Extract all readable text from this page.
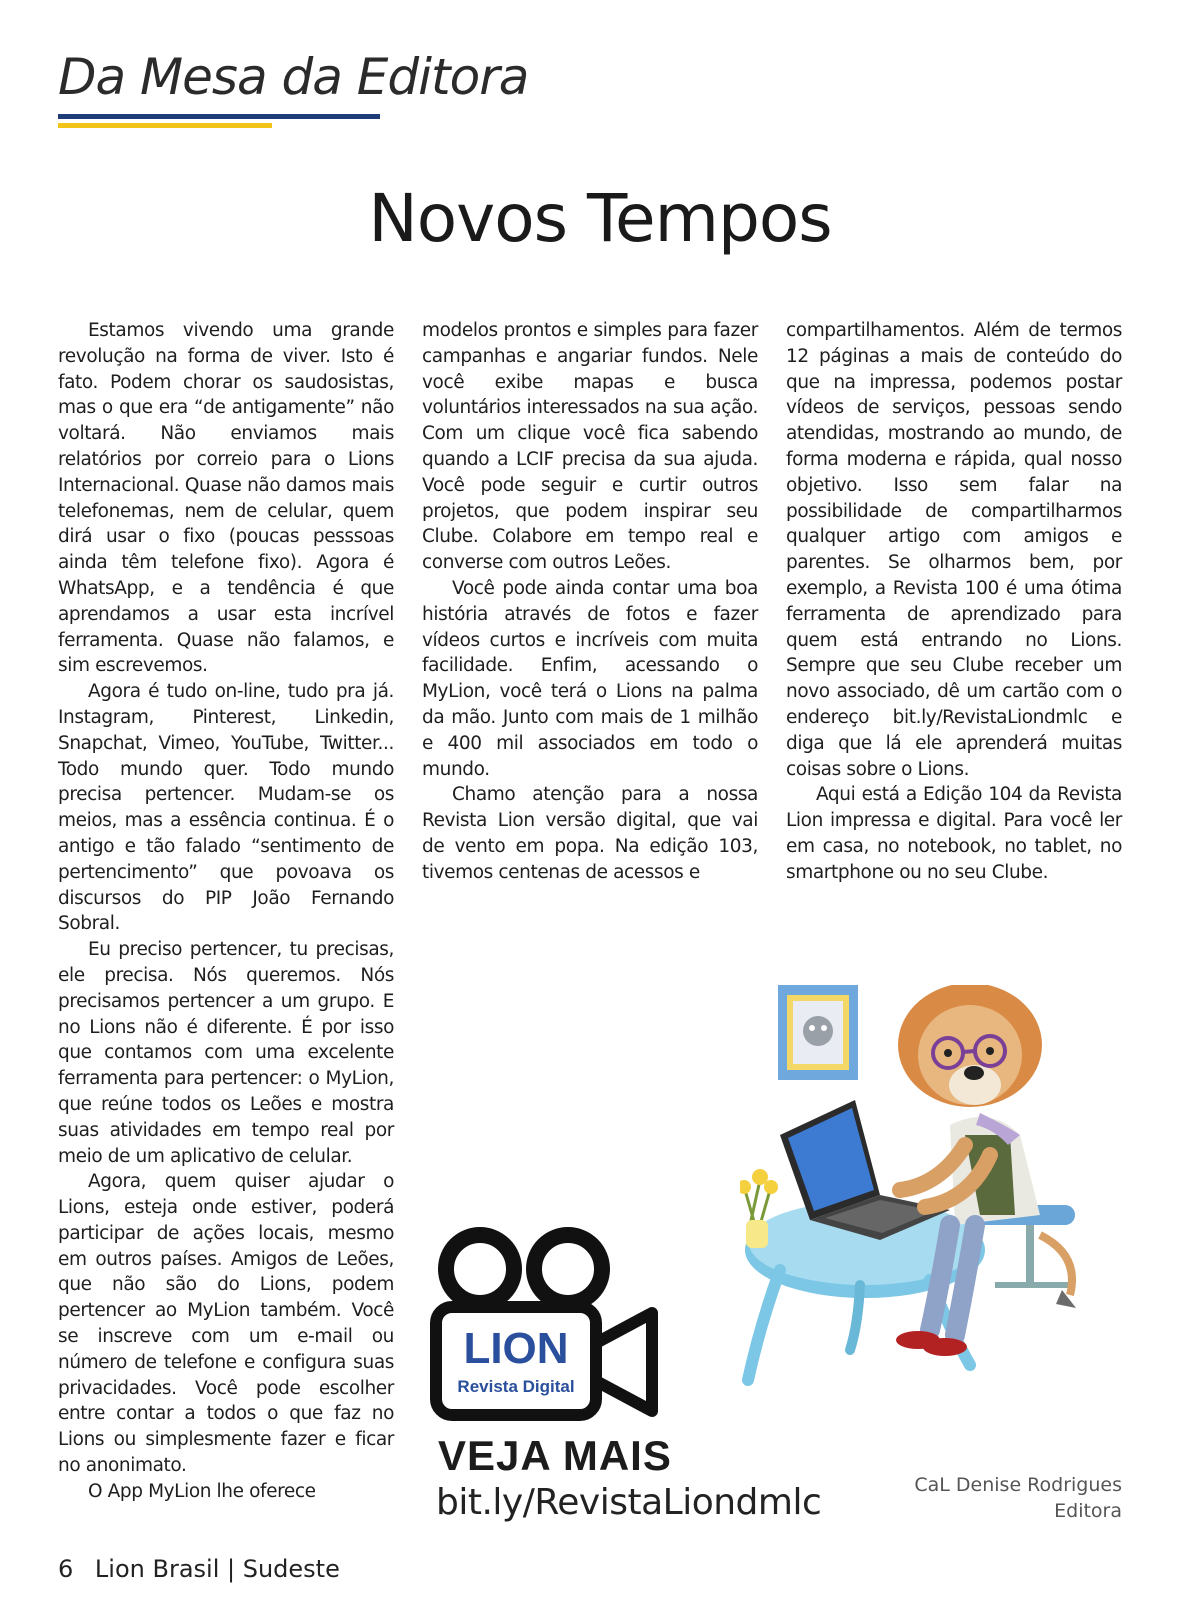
Da Mesa da Editora
Novos Tempos

Estamos vivendo uma grande revolução na forma de viver. Isto é fato. Podem chorar os saudosistas, mas o que era “de antigamente” não voltará. Não enviamos mais relatórios por correio para o Lions Internacional. Quase não damos mais telefonemas, nem de celular, quem dirá usar o fixo (poucas pesssoas ainda têm telefone fixo). Agora é WhatsApp, e a tendência é que aprendamos a usar esta incrível ferramenta. Quase não falamos, e sim escrevemos.

Agora é tudo on-line, tudo pra já. Instagram, Pinterest, Linkedin, Snapchat, Vimeo, YouTube, Twitter... Todo mundo quer. Todo mundo precisa pertencer. Mudam-se os meios, mas a essência continua. É o antigo e tão falado “sentimento de pertencimento” que povoava os discursos do PIP João Fernando Sobral.

Eu preciso pertencer, tu precisas, ele precisa. Nós queremos. Nós precisamos pertencer a um grupo. E no Lions não é diferente. É por isso que contamos com uma excelente ferramenta para pertencer: o MyLion, que reúne todos os Leões e mostra suas atividades em tempo real por meio de um aplicativo de celular.

Agora, quem quiser ajudar o Lions, esteja onde estiver, poderá participar de ações locais, mesmo em outros países. Amigos de Leões, que não são do Lions, podem pertencer ao MyLion também. Você se inscreve com um e-mail ou número de telefone e configura suas privacidades. Você pode escolher entre contar a todos o que faz no Lions ou simplesmente fazer e ficar no anonimato.

O App MyLion lhe oferece

modelos prontos e simples para fazer campanhas e angariar fundos. Nele você exibe mapas e busca voluntários interessados na sua ação. Com um clique você fica sabendo quando a LCIF precisa da sua ajuda. Você pode seguir e curtir outros projetos, que podem inspirar seu Clube. Colabore em tempo real e converse com outros Leões.

Você pode ainda contar uma boa história através de fotos e fazer vídeos curtos e incríveis com muita facilidade. Enfim, acessando o MyLion, você terá o Lions na palma da mão. Junto com mais de 1 milhão e 400 mil associados em todo o mundo.

Chamo atenção para a nossa Revista Lion versão digital, que vai de vento em popa. Na edição 103, tivemos centenas de acessos e

compartilhamentos. Além de termos 12 páginas a mais de conteúdo do que na impressa, podemos postar vídeos de serviços, pessoas sendo atendidas, mostrando ao mundo, de forma moderna e rápida, qual nosso objetivo. Isso sem falar na possibilidade de compartilharmos qualquer artigo com amigos e parentes. Se olharmos bem, por exemplo, a Revista 100 é uma ótima ferramenta de aprendizado para quem está entrando no Lions. Sempre que seu Clube receber um novo associado, dê um cartão com o endereço bit.ly/RevistaLiondmlc e diga que lá ele aprenderá muitas coisas sobre o Lions.

Aqui está a Edição 104 da Revista Lion impressa e digital. Para você ler em casa, no notebook, no tablet, no smartphone ou no seu Clube.

LION
Revista Digital

VEJA MAIS

bit.ly/RevistaLiondmlc	CaL Denise Rodrigues
Editora
6 Lion Brasil | Sudeste
